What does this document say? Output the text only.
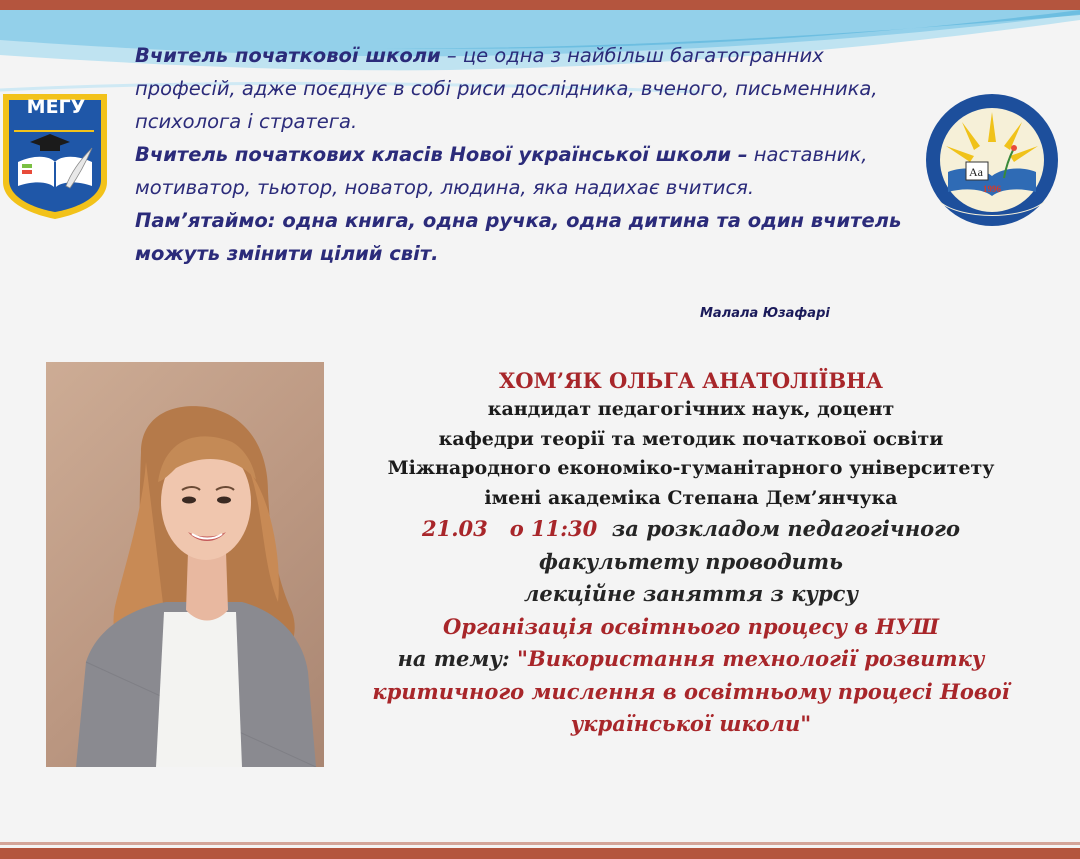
МЕГУ
Aa
1996

Вчитель початкової школи – це одна з найбільш багатогранних професій, адже поєднує в собі риси дослідника, вченого, письменника, психолога і стратега.

Вчитель початкових класів Нової української школи – наставник, мотиватор, тьютор, новатор, людина, яка надихає вчитися.

Пам’ятаймо: одна книга, одна ручка, одна дитина та один вчитель можуть змінити цілий світ.

Малала Юзафарі

ХОМ’ЯК ОЛЬГА АНАТОЛІЇВНА

кандидат педагогічних наук, доцент

кафедри теорії та методик початкової освіти

Міжнародного економіко-гуманітарного університету

імені академіка Степана Дем’янчука

21.03 о 11:30 за розкладом педагогічного

факультету проводить

лекційне заняття з курсу

Організація освітнього процесу в НУШ

на тему: "Використання технології розвитку

критичного мислення в освітньому процесі Нової

української школи"
